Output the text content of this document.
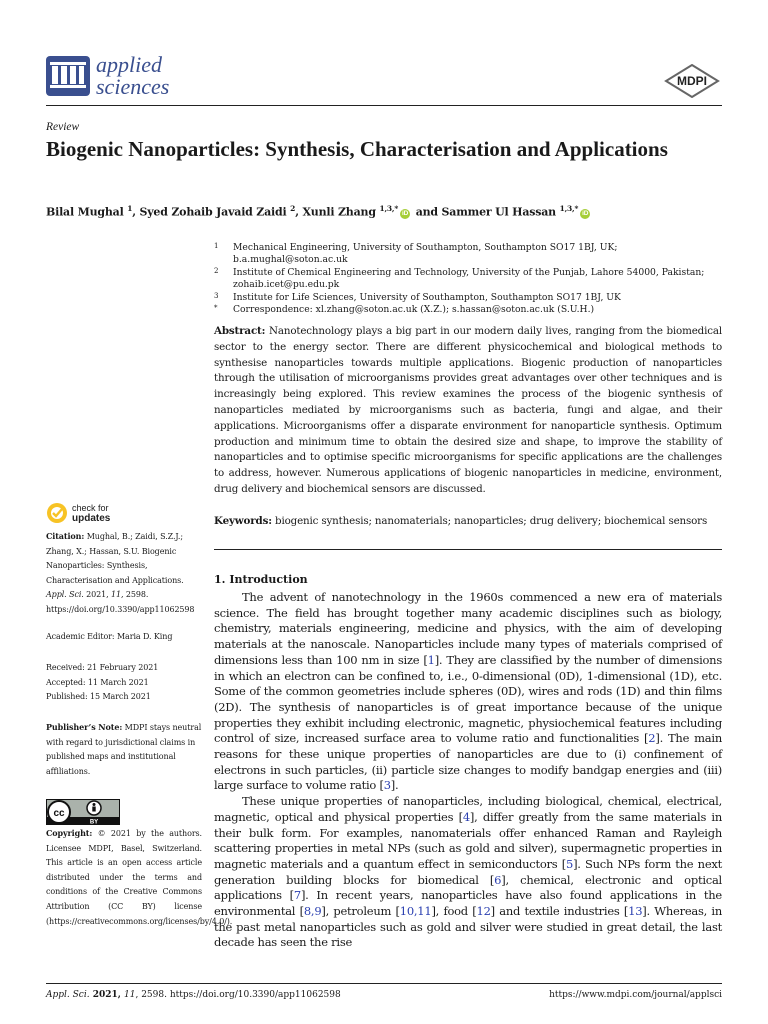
applied
sciences	MDPI
Review
Biogenic Nanoparticles: Synthesis, Characterisation and Applications
Bilal Mughal $^1$, Syed Zohaib Javaid Zaidi $^2$, Xunli Zhang $^{1,3,*}$iD and Sammer Ul Hassan $^{1,3,*}$iD
1 Mechanical Engineering, University of Southampton, Southampton SO17 1BJ, UK; b.a.mughal@soton.ac.uk
2 Institute of Chemical Engineering and Technology, University of the Punjab, Lahore 54000, Pakistan; zohaib.icet@pu.edu.pk
3 Institute for Life Sciences, University of Southampton, Southampton SO17 1BJ, UK
* Correspondence: xl.zhang@soton.ac.uk (X.Z.); s.hassan@soton.ac.uk (S.U.H.)
Abstract: Nanotechnology plays a big part in our modern daily lives, ranging from the biomedical sector to the energy sector. There are different physicochemical and biological methods to synthesise nanoparticles towards multiple applications. Biogenic production of nanoparticles through the utilisation of microorganisms provides great advantages over other techniques and is increasingly being explored. This review examines the process of the biogenic synthesis of nanoparticles mediated by microorganisms such as bacteria, fungi and algae, and their applications. Microorganisms offer a disparate environment for nanoparticle synthesis. Optimum production and minimum time to obtain the desired size and shape, to improve the stability of nanoparticles and to optimise specific microorganisms for specific applications are the challenges to address, however. Numerous applications of biogenic nanoparticles in medicine, environment, drug delivery and biochemical sensors are discussed.
Keywords: biogenic synthesis; nanomaterials; nanoparticles; drug delivery; biochemical sensors
check for
updates
Citation: Mughal, B.; Zaidi, S.Z.J.; Zhang, X.; Hassan, S.U. Biogenic Nanoparticles: Synthesis, Characterisation and Applications. Appl. Sci. 2021, 11, 2598. https://doi.org/10.3390/app11062598
Academic Editor: Maria D. King
Received: 21 February 2021
Accepted: 11 March 2021
Published: 15 March 2021
Publisher’s Note: MDPI stays neutral with regard to jurisdictional claims in published maps and institutional affiliations.
cc
BY
Copyright: © 2021 by the authors. Licensee MDPI, Basel, Switzerland. This article is an open access article distributed under the terms and conditions of the Creative Commons Attribution (CC BY) license (https://creativecommons.org/licenses/by/4.0/).
1. Introduction

The advent of nanotechnology in the 1960s commenced a new era of materials science. The field has brought together many academic disciplines such as biology, chemistry, materials engineering, medicine and physics, with the aim of developing materials at the nanoscale. Nanoparticles include many types of materials comprised of dimensions less than 100 nm in size [1]. They are classified by the number of dimensions in which an electron can be confined to, i.e., 0-dimensional (0D), 1-dimensional (1D), etc. Some of the common geometries include spheres (0D), wires and rods (1D) and thin films (2D). The synthesis of nanoparticles is of great importance because of the unique properties they exhibit including electronic, magnetic, physiochemical features including control of size, increased surface area to volume ratio and functionalities [2]. The main reasons for these unique properties of nanoparticles are due to (i) confinement of electrons in such particles, (ii) particle size changes to modify bandgap energies and (iii) large surface to volume ratio [3].

These unique properties of nanoparticles, including biological, chemical, electrical, magnetic, optical and physical properties [4], differ greatly from the same materials in their bulk form. For examples, nanomaterials offer enhanced Raman and Rayleigh scattering properties in metal NPs (such as gold and silver), supermagnetic properties in magnetic materials and a quantum effect in semiconductors [5]. Such NPs form the next generation building blocks for biomedical [6], chemical, electronic and optical applications [7]. In recent years, nanoparticles have also found applications in the environmental [8,9], petroleum [10,11], food [12] and textile industries [13]. Whereas, in the past metal nanoparticles such as gold and silver were studied in great detail, the last decade has seen the rise

Appl. Sci. 2021, 11, 2598. https://doi.org/10.3390/app11062598	https://www.mdpi.com/journal/applsci
